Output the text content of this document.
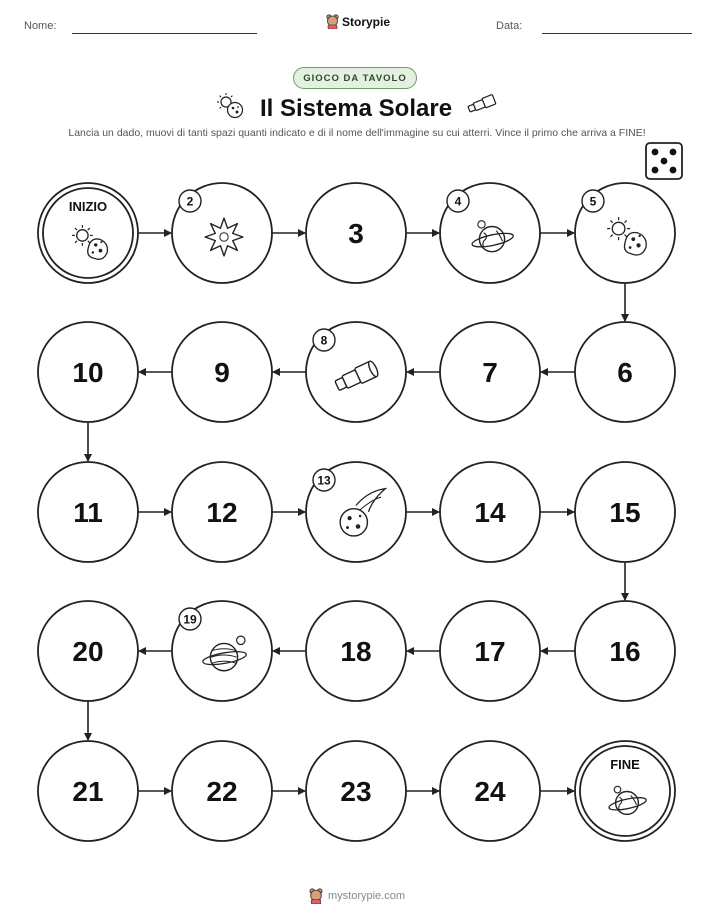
Nome:	Storypie	Data:
GIOCO DA TAVOLO
Il Sistema Solare
Lancia un dado, muovi di tanti spazi quanti indicato e di il nome dell'immagine su cui atterri. Vince il primo che arriva a FINE!
INIZIO	2
3
4	5
6
7
8
9
10
11	12
13
14	15
16
17
18
19
20
21	22	23	24
FINE
mystorypie.com
